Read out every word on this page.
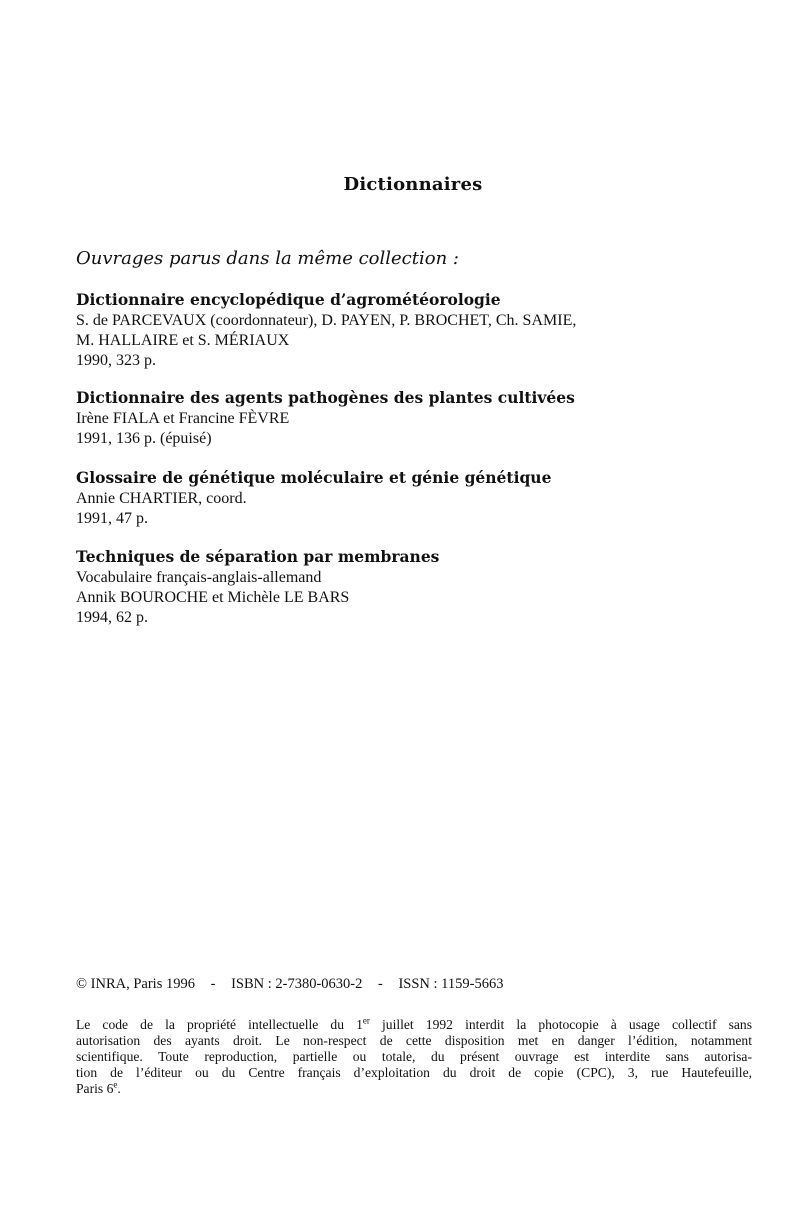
Dictionnaires
Ouvrages parus dans la même collection :
Dictionnaire encyclopédique d’agrométéorologie
S. de PARCEVAUX (coordonnateur), D. PAYEN, P. BROCHET, Ch. SAMIE,
M. HALLAIRE et S. MÉRIAUX
1990, 323 p.
Dictionnaire des agents pathogènes des plantes cultivées
Irène FIALA et Francine FÈVRE
1991, 136 p. (épuisé)
Glossaire de génétique moléculaire et génie génétique
Annie CHARTIER, coord.
1991, 47 p.
Techniques de séparation par membranes
Vocabulaire français-anglais-allemand
Annik BOUROCHE et Michèle LE BARS
1994, 62 p.
© INRA, Paris 1996 - ISBN : 2-7380-0630-2 - ISSN : 1159-5663
Le code de la propriété intellectuelle du 1er juillet 1992 interdit la photocopie à usage collectif sans
autorisation des ayants droit. Le non-respect de cette disposition met en danger l’édition, notamment
scientifique. Toute reproduction, partielle ou totale, du présent ouvrage est interdite sans autorisa-
tion de l’éditeur ou du Centre français d’exploitation du droit de copie (CPC), 3, rue Hautefeuille,
Paris 6e.
